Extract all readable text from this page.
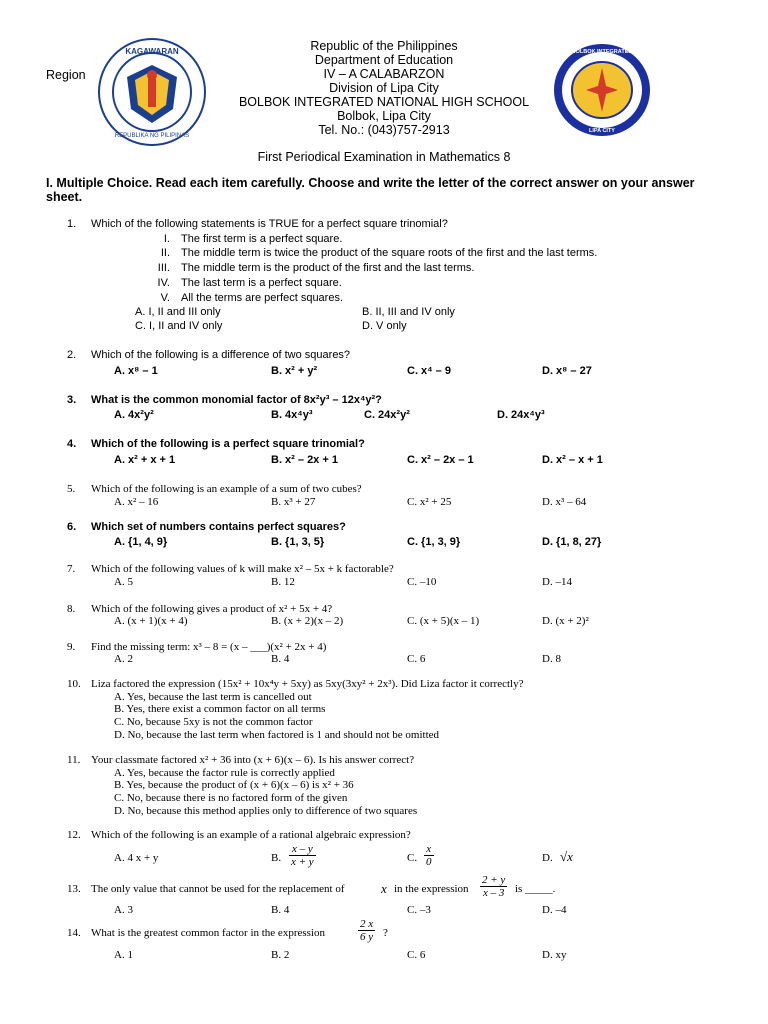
Region
KAGAWARAN
REPUBLIKA NG PILIPINAS
BOLBOK INTEGRATED
LIPA CITY
Republic of the Philippines
Department of Education
IV – A CALABARZON
Division of Lipa City
BOLBOK INTEGRATED NATIONAL HIGH SCHOOL
Bolbok, Lipa City
Tel. No.: (043)757-2913
First Periodical Examination in Mathematics 8
I. Multiple Choice. Read each item carefully. Choose and write the letter of the correct answer on your answer sheet.
1. Which of the following statements is TRUE for a perfect square trinomial?
I. The first term is a perfect square.
II. The middle term is twice the product of the square roots of the first and the last terms.
III. The middle term is the product of the first and the last terms.
IV. The last term is a perfect square.
V. All the terms are perfect squares.
A. I, II and III only	B. II, III and IV only
C. I, II and IV only	D. V only
2. Which of the following is a difference of two squares?
A. x⁸ – 1	B. x² + y²	C. x⁴ – 9	D. x⁸ – 27
3. What is the common monomial factor of 8x²y³ – 12x⁴y²?
A. 4x²y²	B. 4x⁴y³	C. 24x²y²	D. 24x⁴y³
4. Which of the following is a perfect square trinomial?
A. x² + x + 1	B. x² – 2x + 1	C. x² – 2x – 1	D. x² – x + 1
5. Which of the following is an example of a sum of two cubes?
A. x² – 16	B. x³ + 27	C. x² + 25	D. x³ – 64
6. Which set of numbers contains perfect squares?
A. {1, 4, 9}	B. {1, 3, 5}	C. {1, 3, 9}	D. {1, 8, 27}
7. Which of the following values of k will make x² – 5x + k factorable?
A. 5	B. 12	C. –10	D. –14
8. Which of the following gives a product of x² + 5x + 4?
A. (x + 1)(x + 4)	B. (x + 2)(x – 2)	C. (x + 5)(x – 1)	D. (x + 2)²
9. Find the missing term: x³ – 8 = (x – ___)(x² + 2x + 4)
A. 2	B. 4	C. 6	D. 8
10. Liza factored the expression (15x² + 10x⁴y + 5xy) as 5xy(3xy² + 2x³). Did Liza factor it correctly?
A. Yes, because the last term is cancelled out
B. Yes, there exist a common factor on all terms
C. No, because 5xy is not the common factor
D. No, because the last term when factored is 1 and should not be omitted
11. Your classmate factored x² + 36 into (x + 6)(x – 6). Is his answer correct?
A. Yes, because the factor rule is correctly applied
B. Yes, because the product of (x + 6)(x – 6) is x² + 36
C. No, because there is no factored form of the given
D. No, because this method applies only to difference of two squares
12. Which of the following is an example of a rational algebraic expression?
A. 4 x + y	B. $\frac{x - y}{x + y}$	C. $\frac{x}{0}$	D. √x
13. The only value that cannot be used for the replacement of	x in the expression $\frac{2 + y}{x - 3}$ is _____.
A. 3	B. 4	C. –3	D. –4
14. What is the greatest common factor in the expression	$\frac{2 x}{6 y}$ ?
A. 1	B. 2	C. 6	D. xy
